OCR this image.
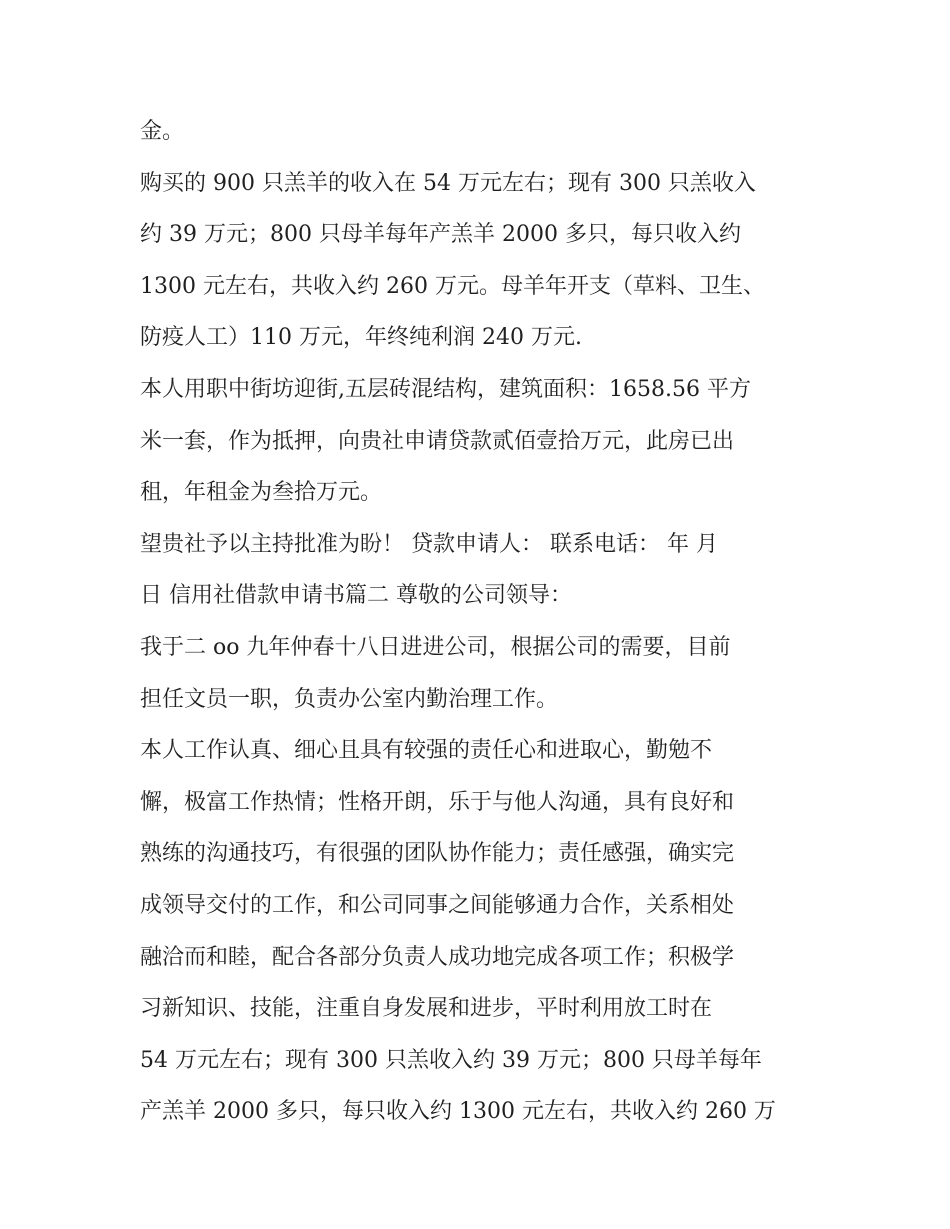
金。
购买的 900 只羔羊的收入在 54 万元左右；现有 300 只羔收入
约 39 万元；800 只母羊每年产羔羊 2000 多只，每只收入约
1300 元左右，共收入约 260 万元。母羊年开支（草料、卫生、
防疫人工）110 万元，年终纯利润 240 万元.
本人用职中街坊迎街,五层砖混结构，建筑面积：1658.56 平方
米一套，作为抵押，向贵社申请贷款贰佰壹拾万元，此房已出
租，年租金为叁拾万元。
望贵社予以主持批准为盼！ 贷款申请人： 联系电话： 年 月
日 信用社借款申请书篇二 尊敬的公司领导：
我于二 oo 九年仲春十八日进进公司，根据公司的需要，目前
担任文员一职，负责办公室内勤治理工作。
本人工作认真、细心且具有较强的责任心和进取心，勤勉不
懈，极富工作热情；性格开朗，乐于与他人沟通，具有良好和
熟练的沟通技巧，有很强的团队协作能力；责任感强，确实完
成领导交付的工作，和公司同事之间能够通力合作，关系相处
融洽而和睦，配合各部分负责人成功地完成各项工作；积极学
习新知识、技能，注重自身发展和进步，平时利用放工时在
54 万元左右；现有 300 只羔收入约 39 万元；800 只母羊每年
产羔羊 2000 多只，每只收入约 1300 元左右，共收入约 260 万
